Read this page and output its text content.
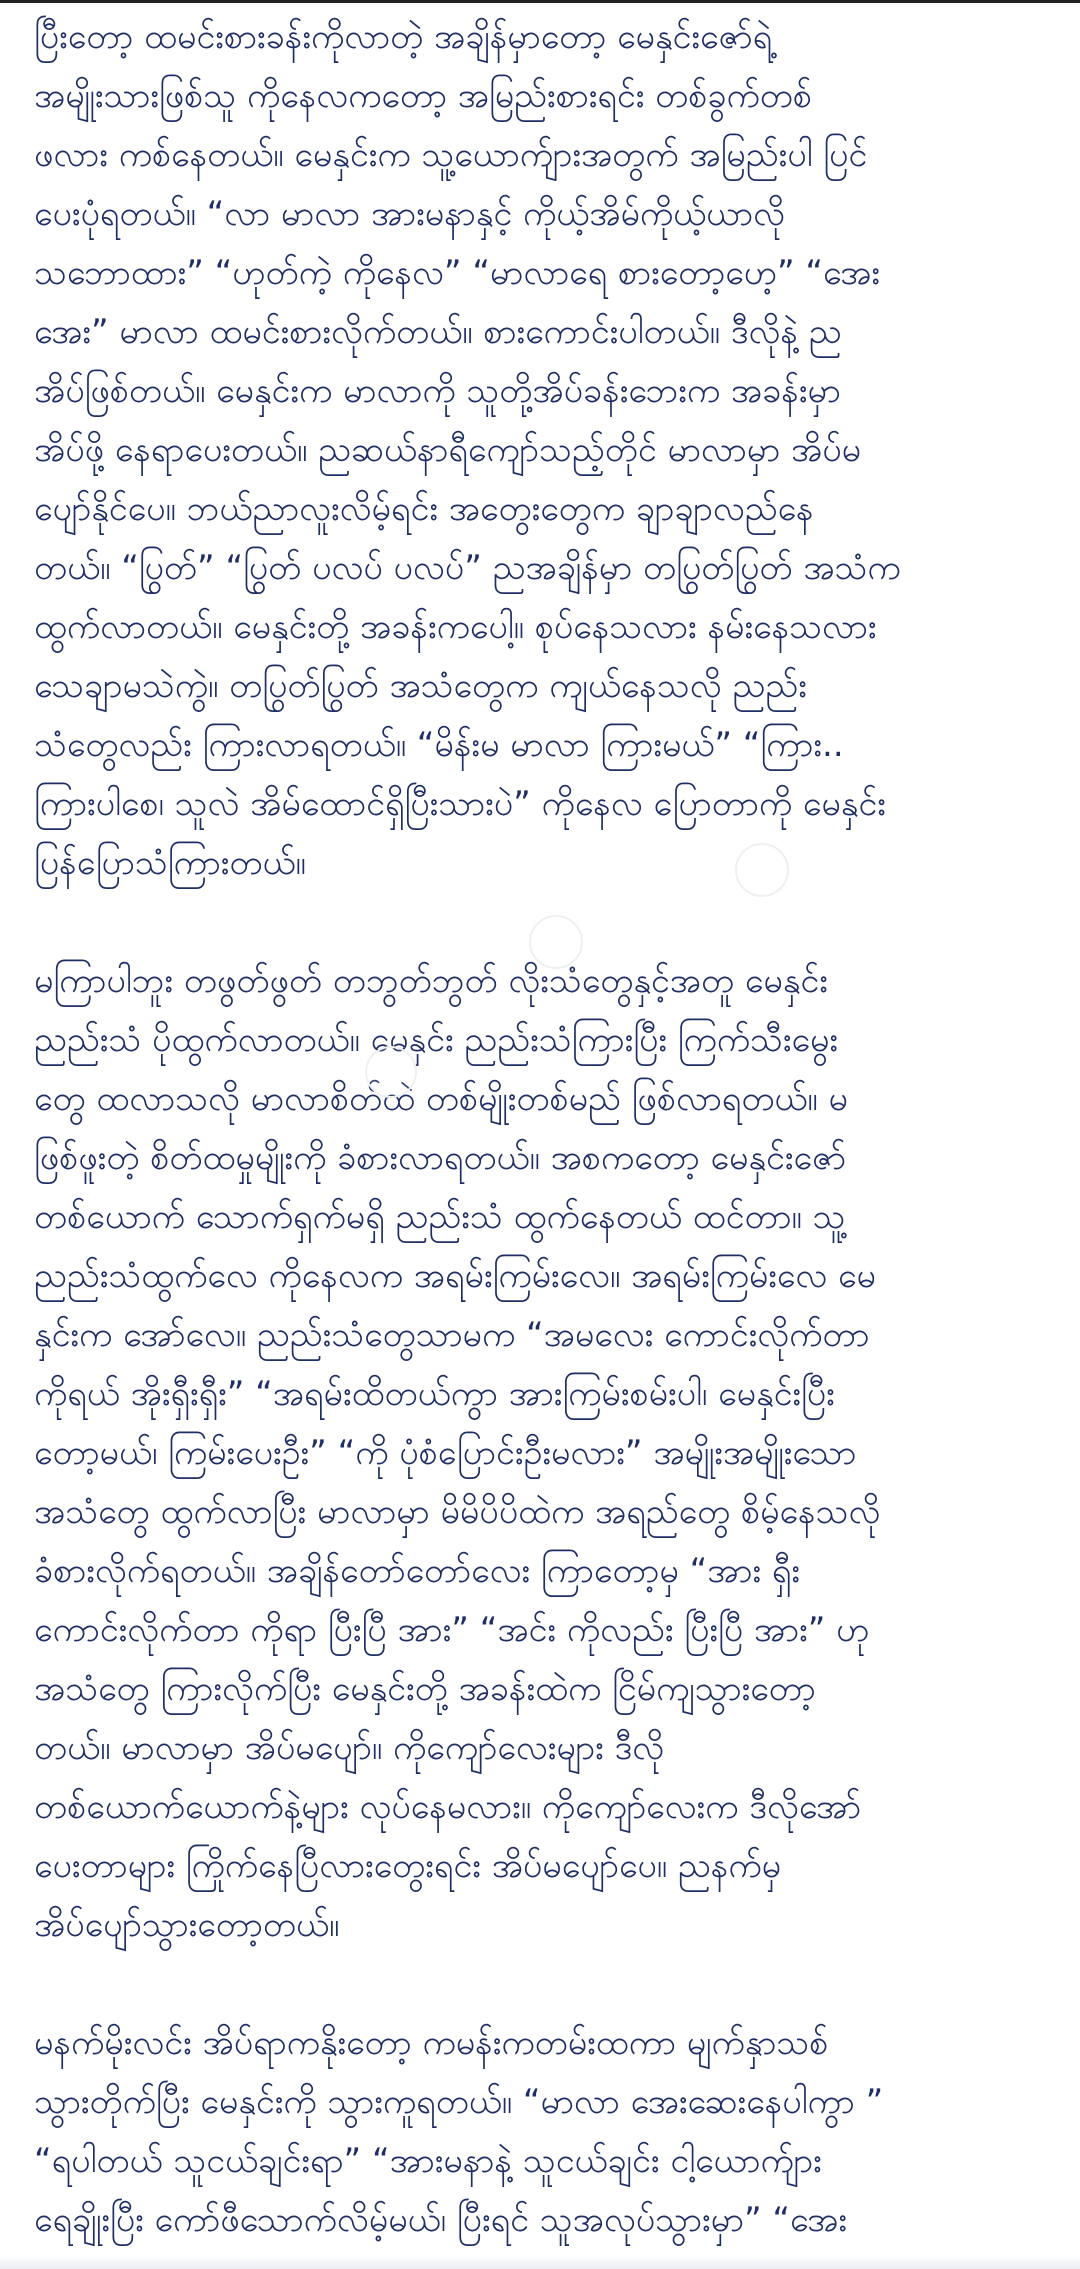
ပြီးတော့ ထမင်းစားခန်းကိုလာတဲ့ အချိန်မှာတော့ မေနှင်းဇော်ရဲ့
အမျိုးသားဖြစ်သူ ကိုနေလကတော့ အမြည်းစားရင်း တစ်ခွက်တစ်
ဖလား ကစ်နေတယ်။ မေနှင်းက သူ့ယောက်ျားအတွက် အမြည်းပါ ပြင်
ပေးပုံရတယ်။ “လာ မာလာ အားမနာနှင့် ကိုယ့်အိမ်ကိုယ့်ယာလို
သဘောထား” “ဟုတ်ကဲ့ ကိုနေလ” “မာလာရေ စားတော့ဟေ့” “အေး
အေး” မာလာ ထမင်းစားလိုက်တယ်။ စားကောင်းပါတယ်။ ဒီလိုနဲ့ ည
အိပ်ဖြစ်တယ်။ မေနှင်းက မာလာကို သူတို့အိပ်ခန်းဘေးက အခန်းမှာ
အိပ်ဖို့ နေရာပေးတယ်။ ညဆယ်နာရီကျော်သည့်တိုင် မာလာမှာ အိပ်မ
ပျော်နိုင်ပေ။ ဘယ်ညာလူးလိမ့်ရင်း အတွေးတွေက ချာချာလည်နေ
တယ်။ “ပြွတ်” “ပြွတ် ပလပ် ပလပ်” ညအချိန်မှာ တပြွတ်ပြွတ် အသံက
ထွက်လာတယ်။ မေနှင်းတို့ အခန်းကပေါ့။ စုပ်နေသလား နမ်းနေသလား
သေချာမသဲကွဲ။ တပြွတ်ပြွတ် အသံတွေက ကျယ်နေသလို ညည်း
သံတွေလည်း ကြားလာရတယ်။ “မိန်းမ မာလာ ကြားမယ်” “ကြား..
ကြားပါစေ၊ သူလဲ အိမ်ထောင်ရှိပြီးသားပဲ” ကိုနေလ ပြောတာကို မေနှင်း
ပြန်ပြောသံကြားတယ်။
မကြာပါဘူး တဖွတ်ဖွတ် တဘွတ်ဘွတ် လိုးသံတွေနှင့်အတူ မေနှင်း
ညည်းသံ ပိုထွက်လာတယ်။ မေနှင်း ညည်းသံကြားပြီး ကြက်သီးမွေး
တွေ ထလာသလို မာလာစိတ်ထဲ တစ်မျိုးတစ်မည် ဖြစ်လာရတယ်။ မ
ဖြစ်ဖူးတဲ့ စိတ်ထမှုမျိုးကို ခံစားလာရတယ်။ အစကတော့ မေနှင်းဇော်
တစ်ယောက် သောက်ရှက်မရှိ ညည်းသံ ထွက်နေတယ် ထင်တာ။ သူ့
ညည်းသံထွက်လေ ကိုနေလက အရမ်းကြမ်းလေ။ အရမ်းကြမ်းလေ မေ
နှင်းက အော်လေ။ ညည်းသံတွေသာမက “အမလေး ကောင်းလိုက်တာ
ကိုရယ် အိုးရှီးရှီး” “အရမ်းထိတယ်ကွာ အားကြမ်းစမ်းပါ၊ မေနှင်းပြီး
တော့မယ်၊ ကြမ်းပေးဦး” “ကို ပုံစံပြောင်းဦးမလား” အမျိုးအမျိုးသော
အသံတွေ ထွက်လာပြီး မာလာမှာ မိမိပိပိထဲက အရည်တွေ စိမ့်နေသလို
ခံစားလိုက်ရတယ်။ အချိန်တော်တော်လေး ကြာတော့မှ “အား ရှီး
ကောင်းလိုက်တာ ကိုရာ ပြီးပြီ အား” “အင်း ကိုလည်း ပြီးပြီ အား” ဟု
အသံတွေ ကြားလိုက်ပြီး မေနှင်းတို့ အခန်းထဲက ငြိမ်ကျသွားတော့
တယ်။ မာလာမှာ အိပ်မပျော်။ ကိုကျော်လေးများ ဒီလို
တစ်ယောက်ယောက်နဲ့များ လုပ်နေမလား။ ကိုကျော်လေးက ဒီလိုအော်
ပေးတာများ ကြိုက်နေပြီလားတွေးရင်း အိပ်မပျော်ပေ။ ညနက်မှ
အိပ်ပျော်သွားတော့တယ်။
မနက်မိုးလင်း အိပ်ရာကနိုးတော့ ကမန်းကတမ်းထကာ မျက်နှာသစ်
သွားတိုက်ပြီး မေနှင်းကို သွားကူရတယ်။ “မာလာ အေးဆေးနေပါကွာ ”
“ရပါတယ် သူငယ်ချင်းရာ” “အားမနာနဲ့ သူငယ်ချင်း ငါ့ယောက်ျား
ရေချိုးပြီး ကော်ဖီသောက်လိမ့်မယ်၊ ပြီးရင် သူအလုပ်သွားမှာ” “အေး
